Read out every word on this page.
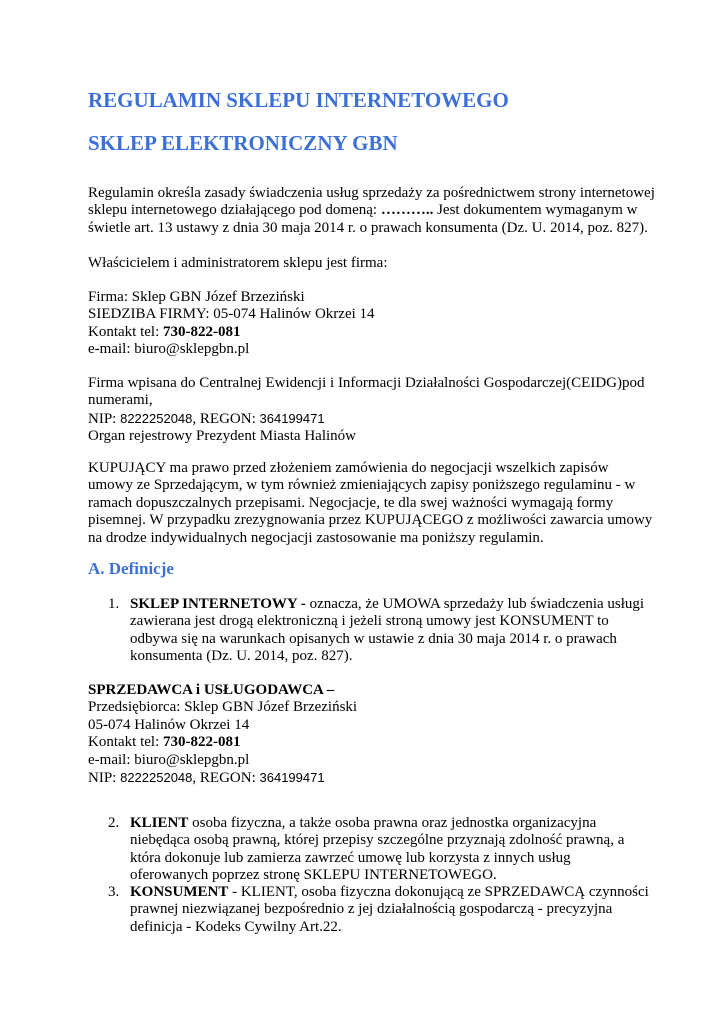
REGULAMIN SKLEPU INTERNETOWEGO
SKLEP ELEKTRONICZNY GBN
Regulamin określa zasady świadczenia usług sprzedaży za pośrednictwem strony internetowej
sklepu internetowego działającego pod domeną: ……….. Jest dokumentem wymaganym w
świetle art. 13 ustawy z dnia 30 maja 2014 r. o prawach konsumenta (Dz. U. 2014, poz. 827).
Właścicielem i administratorem sklepu jest firma:
Firma: Sklep GBN Józef Brzeziński
SIEDZIBA FIRMY: 05-074 Halinów Okrzei 14
Kontakt tel: 730-822-081
e-mail: biuro@sklepgbn.pl
Firma wpisana do Centralnej Ewidencji i Informacji Działalności Gospodarczej(CEIDG)pod
numerami,
NIP: 8222252048, REGON: 364199471
Organ rejestrowy Prezydent Miasta Halinów
KUPUJĄCY ma prawo przed złożeniem zamówienia do negocjacji wszelkich zapisów
umowy ze Sprzedającym, w tym również zmieniających zapisy poniższego regulaminu - w
ramach dopuszczalnych przepisami. Negocjacje, te dla swej ważności wymagają formy
pisemnej. W przypadku zrezygnowania przez KUPUJĄCEGO z możliwości zawarcia umowy
na drodze indywidualnych negocjacji zastosowanie ma poniższy regulamin.
A. Definicje
1. SKLEP INTERNETOWY - oznacza, że UMOWA sprzedaży lub świadczenia usługi
zawierana jest drogą elektroniczną i jeżeli stroną umowy jest KONSUMENT to
odbywa się na warunkach opisanych w ustawie z dnia 30 maja 2014 r. o prawach
konsumenta (Dz. U. 2014, poz. 827).
SPRZEDAWCA i USŁUGODAWCA –
Przedsiębiorca: Sklep GBN Józef Brzeziński
05-074 Halinów Okrzei 14
Kontakt tel: 730-822-081
e-mail: biuro@sklepgbn.pl
NIP: 8222252048, REGON: 364199471
2. KLIENT osoba fizyczna, a także osoba prawna oraz jednostka organizacyjna
niebędąca osobą prawną, której przepisy szczególne przyznają zdolność prawną, a
która dokonuje lub zamierza zawrzeć umowę lub korzysta z innych usług
oferowanych poprzez stronę SKLEPU INTERNETOWEGO.
3. KONSUMENT - KLIENT, osoba fizyczna dokonującą ze SPRZEDAWCĄ czynności
prawnej niezwiązanej bezpośrednio z jej działalnością gospodarczą - precyzyjna
definicja - Kodeks Cywilny Art.22.
